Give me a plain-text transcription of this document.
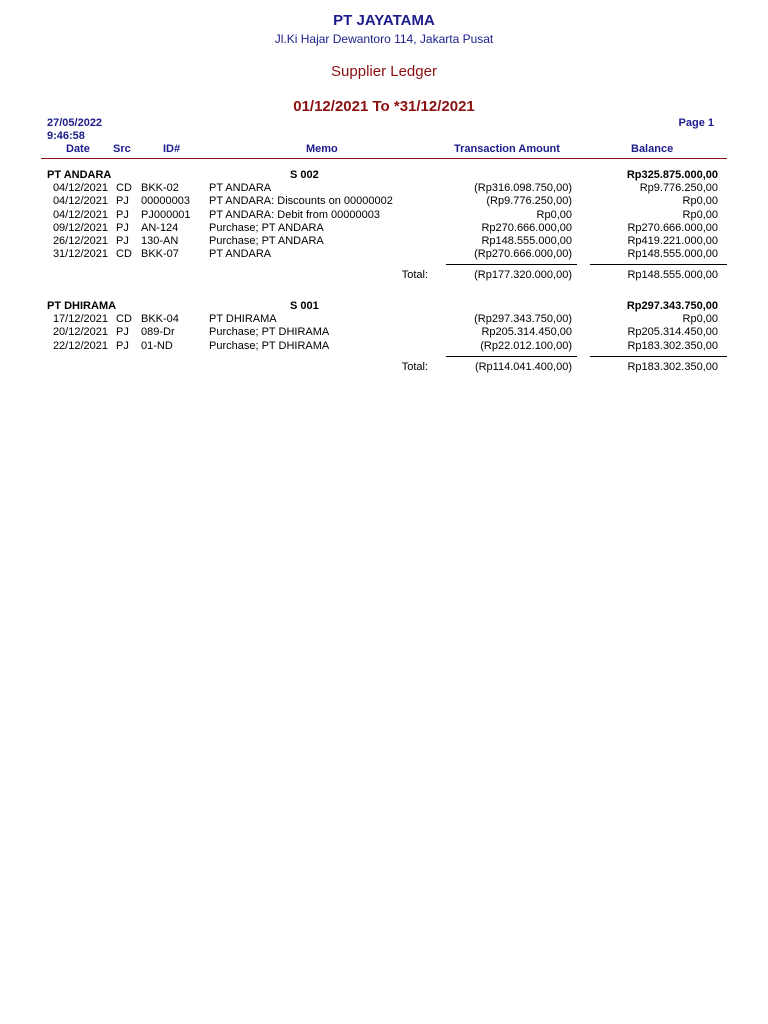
PT JAYATAMA
Jl.Ki Hajar Dewantoro 114, Jakarta Pusat
Supplier Ledger
01/12/2021 To *31/12/2021
27/05/2022
9:46:58
Page 1
Date Src	ID#	Memo	Transaction Amount	Balance
PT ANDARA	S 002	Rp325.875.000,00
04/12/2021 CD BKK-02	PT ANDARA	(Rp316.098.750,00)	Rp9.776.250,00
04/12/2021 PJ 00000003 PT ANDARA: Discounts on 00000002	(Rp9.776.250,00)	Rp0,00
04/12/2021 PJ PJ000001 PT ANDARA: Debit from 00000003	Rp0,00	Rp0,00
09/12/2021 PJ AN-124	Purchase; PT ANDARA	Rp270.666.000,00	Rp270.666.000,00
26/12/2021 PJ 130-AN	Purchase; PT ANDARA	Rp148.555.000,00	Rp419.221.000,00
31/12/2021 CD BKK-07	PT ANDARA	(Rp270.666.000,00)	Rp148.555.000,00
Total:	(Rp177.320.000,00)	Rp148.555.000,00
PT DHIRAMA	S 001	Rp297.343.750,00
17/12/2021 CD BKK-04	PT DHIRAMA	(Rp297.343.750,00)	Rp0,00
20/12/2021 PJ 089-Dr	Purchase; PT DHIRAMA	Rp205.314.450,00	Rp205.314.450,00
22/12/2021 PJ 01-ND	Purchase; PT DHIRAMA	(Rp22.012.100,00)	Rp183.302.350,00
Total:	(Rp114.041.400,00)	Rp183.302.350,00
